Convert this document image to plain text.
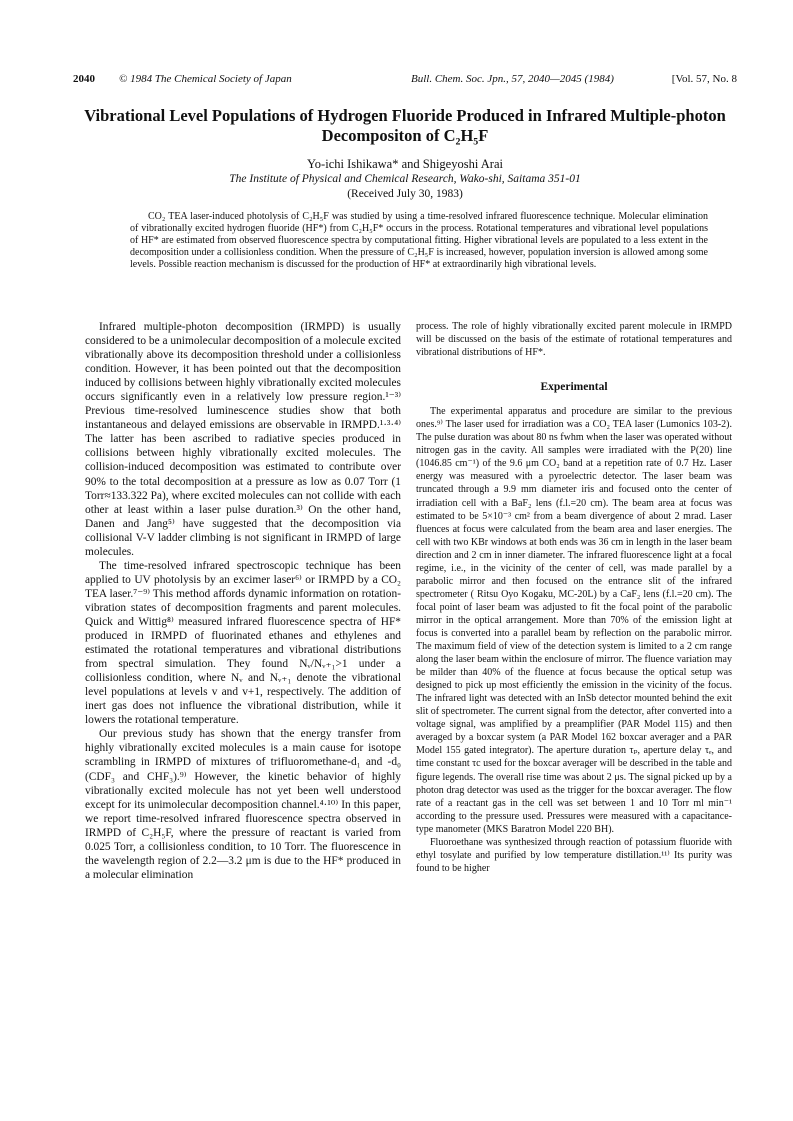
2040 © 1984 The Chemical Society of Japan	Bull. Chem. Soc. Jpn., 57, 2040—2045 (1984)	[Vol. 57, No. 8
Vibrational Level Populations of Hydrogen Fluoride Produced in Infrared Multiple-photon Decompositon of C₂H₅F
Yo-ichi Ishikawa* and Shigeyoshi Arai
The Institute of Physical and Chemical Research, Wako-shi, Saitama 351-01
(Received July 30, 1983)
CO₂ TEA laser-induced photolysis of C₂H₅F was studied by using a time-resolved infrared fluorescence technique. Molecular elimination of vibrationally excited hydrogen fluoride (HF*) from C₂H₅F* occurs in the process. Rotational temperatures and vibrational level populations of HF* are estimated from observed fluorescence spectra by computational fitting. Higher vibrational levels are populated to a less extent in the decomposition under a collisionless condition. When the pressure of C₂H₅F is increased, however, population inversion is allowed among some levels. Possible reaction mechanism is discussed for the production of HF* at extraordinarily high vibrational levels.

Infrared multiple-photon decomposition (IRMPD) is usually considered to be a unimolecular decomposition of a molecule excited vibrationally above its decomposition threshold under a collisionless condition. However, it has been pointed out that the decomposition induced by collisions between highly vibrationally excited molecules occurs significantly even in a relatively low pressure region.¹⁻³⁾ Previous time-resolved luminescence studies show that both instantaneous and delayed emissions are observable in IRMPD.¹·³·⁴⁾ The latter has been ascribed to radiative species produced in collisions between highly vibrationally excited molecules. The collision-induced decomposition was estimated to contribute over 90% to the total decomposition at a pressure as low as 0.07 Torr (1 Torr≈133.322 Pa), where excited molecules can not collide with each other at least within a laser pulse duration.³⁾ On the other hand, Danen and Jang⁵⁾ have suggested that the decomposition via collisional V-V ladder climbing is not significant in IRMPD of large molecules.

The time-resolved infrared spectroscopic technique has been applied to UV photolysis by an excimer laser⁶⁾ or IRMPD by a CO₂ TEA laser.⁷⁻⁹⁾ This method affords dynamic information on rotation-vibration states of decomposition fragments and parent molecules. Quick and Wittig⁸⁾ measured infrared fluorescence spectra of HF* produced in IRMPD of fluorinated ethanes and ethylenes and estimated the rotational temperatures and vibrational distributions from spectral simulation. They found Nᵥ/Nᵥ₊₁>1 under a collisionless condition, where Nᵥ and Nᵥ₊₁ denote the vibrational level populations at levels v and v+1, respectively. The addition of inert gas does not influence the vibrational distribution, while it lowers the rotational temperature.

Our previous study has shown that the energy transfer from highly vibrationally excited molecules is a main cause for isotope scrambling in IRMPD of mixtures of trifluoromethane-d₁ and -d₀ (CDF₃ and CHF₃).⁹⁾ However, the kinetic behavior of highly vibrationally excited molecule has not yet been well understood except for its unimolecular decomposition channel.⁴·¹⁰⁾ In this paper, we report time-resolved infrared fluorescence spectra observed in IRMPD of C₂H₅F, where the pressure of reactant is varied from 0.025 Torr, a collisionless condition, to 10 Torr. The fluorescence in the wavelength region of 2.2—3.2 μm is due to the HF* produced in a molecular elimination

process. The role of highly vibrationally excited parent molecule in IRMPD will be discussed on the basis of the estimate of rotational temperatures and vibrational distributions of HF*.

Experimental

The experimental apparatus and procedure are similar to the previous ones.⁹⁾ The laser used for irradiation was a CO₂ TEA laser (Lumonics 103-2). The pulse duration was about 80 ns fwhm when the laser was operated without nitrogen gas in the cavity. All samples were irradiated with the P(20) line (1046.85 cm⁻¹) of the 9.6 μm CO₂ band at a repetition rate of 0.7 Hz. Laser energy was measured with a pyroelectric detector. The laser beam was truncated through a 9.9 mm diameter iris and focused onto the center of irradiation cell with a BaF₂ lens (f.l.=20 cm). The beam area at focus was estimated to be 5×10⁻³ cm² from a beam divergence of about 2 mrad. Laser fluences at focus were calculated from the beam area and laser energies. The cell with two KBr windows at both ends was 36 cm in length in the laser beam direction and 2 cm in inner diameter. The infrared fluorescence light at a focal regime, i.e., in the vicinity of the center of cell, was made parallel by a parabolic mirror and then focused on the entrance slit of the infrared spectrometer ( Ritsu Oyo Kogaku, MC-20L) by a CaF₂ lens (f.l.=20 cm). The focal point of laser beam was adjusted to fit the focal point of the parabolic mirror in the optical arrangement. More than 70% of the emission light at focus is converted into a parallel beam by reflection on the parabolic mirror. The maximum field of view of the detection system is limited to a 2 cm range along the laser beam within the enclosure of mirror. The fluence variation may be milder than 40% of the fluence at focus because the optical setup was designed to pick up most efficiently the emission in the vicinity of the focus. The infrared light was detected with an InSb detector mounted behind the exit slit of spectrometer. The current signal from the detector, after converted into a voltage signal, was amplified by a preamplifier (PAR Model 115) and then averaged by a boxcar system (a PAR Model 162 boxcar averager and a PAR Model 155 gated integrator). The aperture duration τₚ, aperture delay τₑ, and time constant τc used for the boxcar averager will be described in the table and figure legends. The overall rise time was about 2 μs. The signal picked up by a photon drag detector was used as the trigger for the boxcar averager. The flow rate of a reactant gas in the cell was set between 1 and 10 Torr ml min⁻¹ according to the pressure used. Pressures were measured with a capacitance-type manometer (MKS Baratron Model 220 BH).

Fluoroethane was synthesized through reaction of potassium fluoride with ethyl tosylate and purified by low temperature distillation.¹¹⁾ Its purity was found to be higher
